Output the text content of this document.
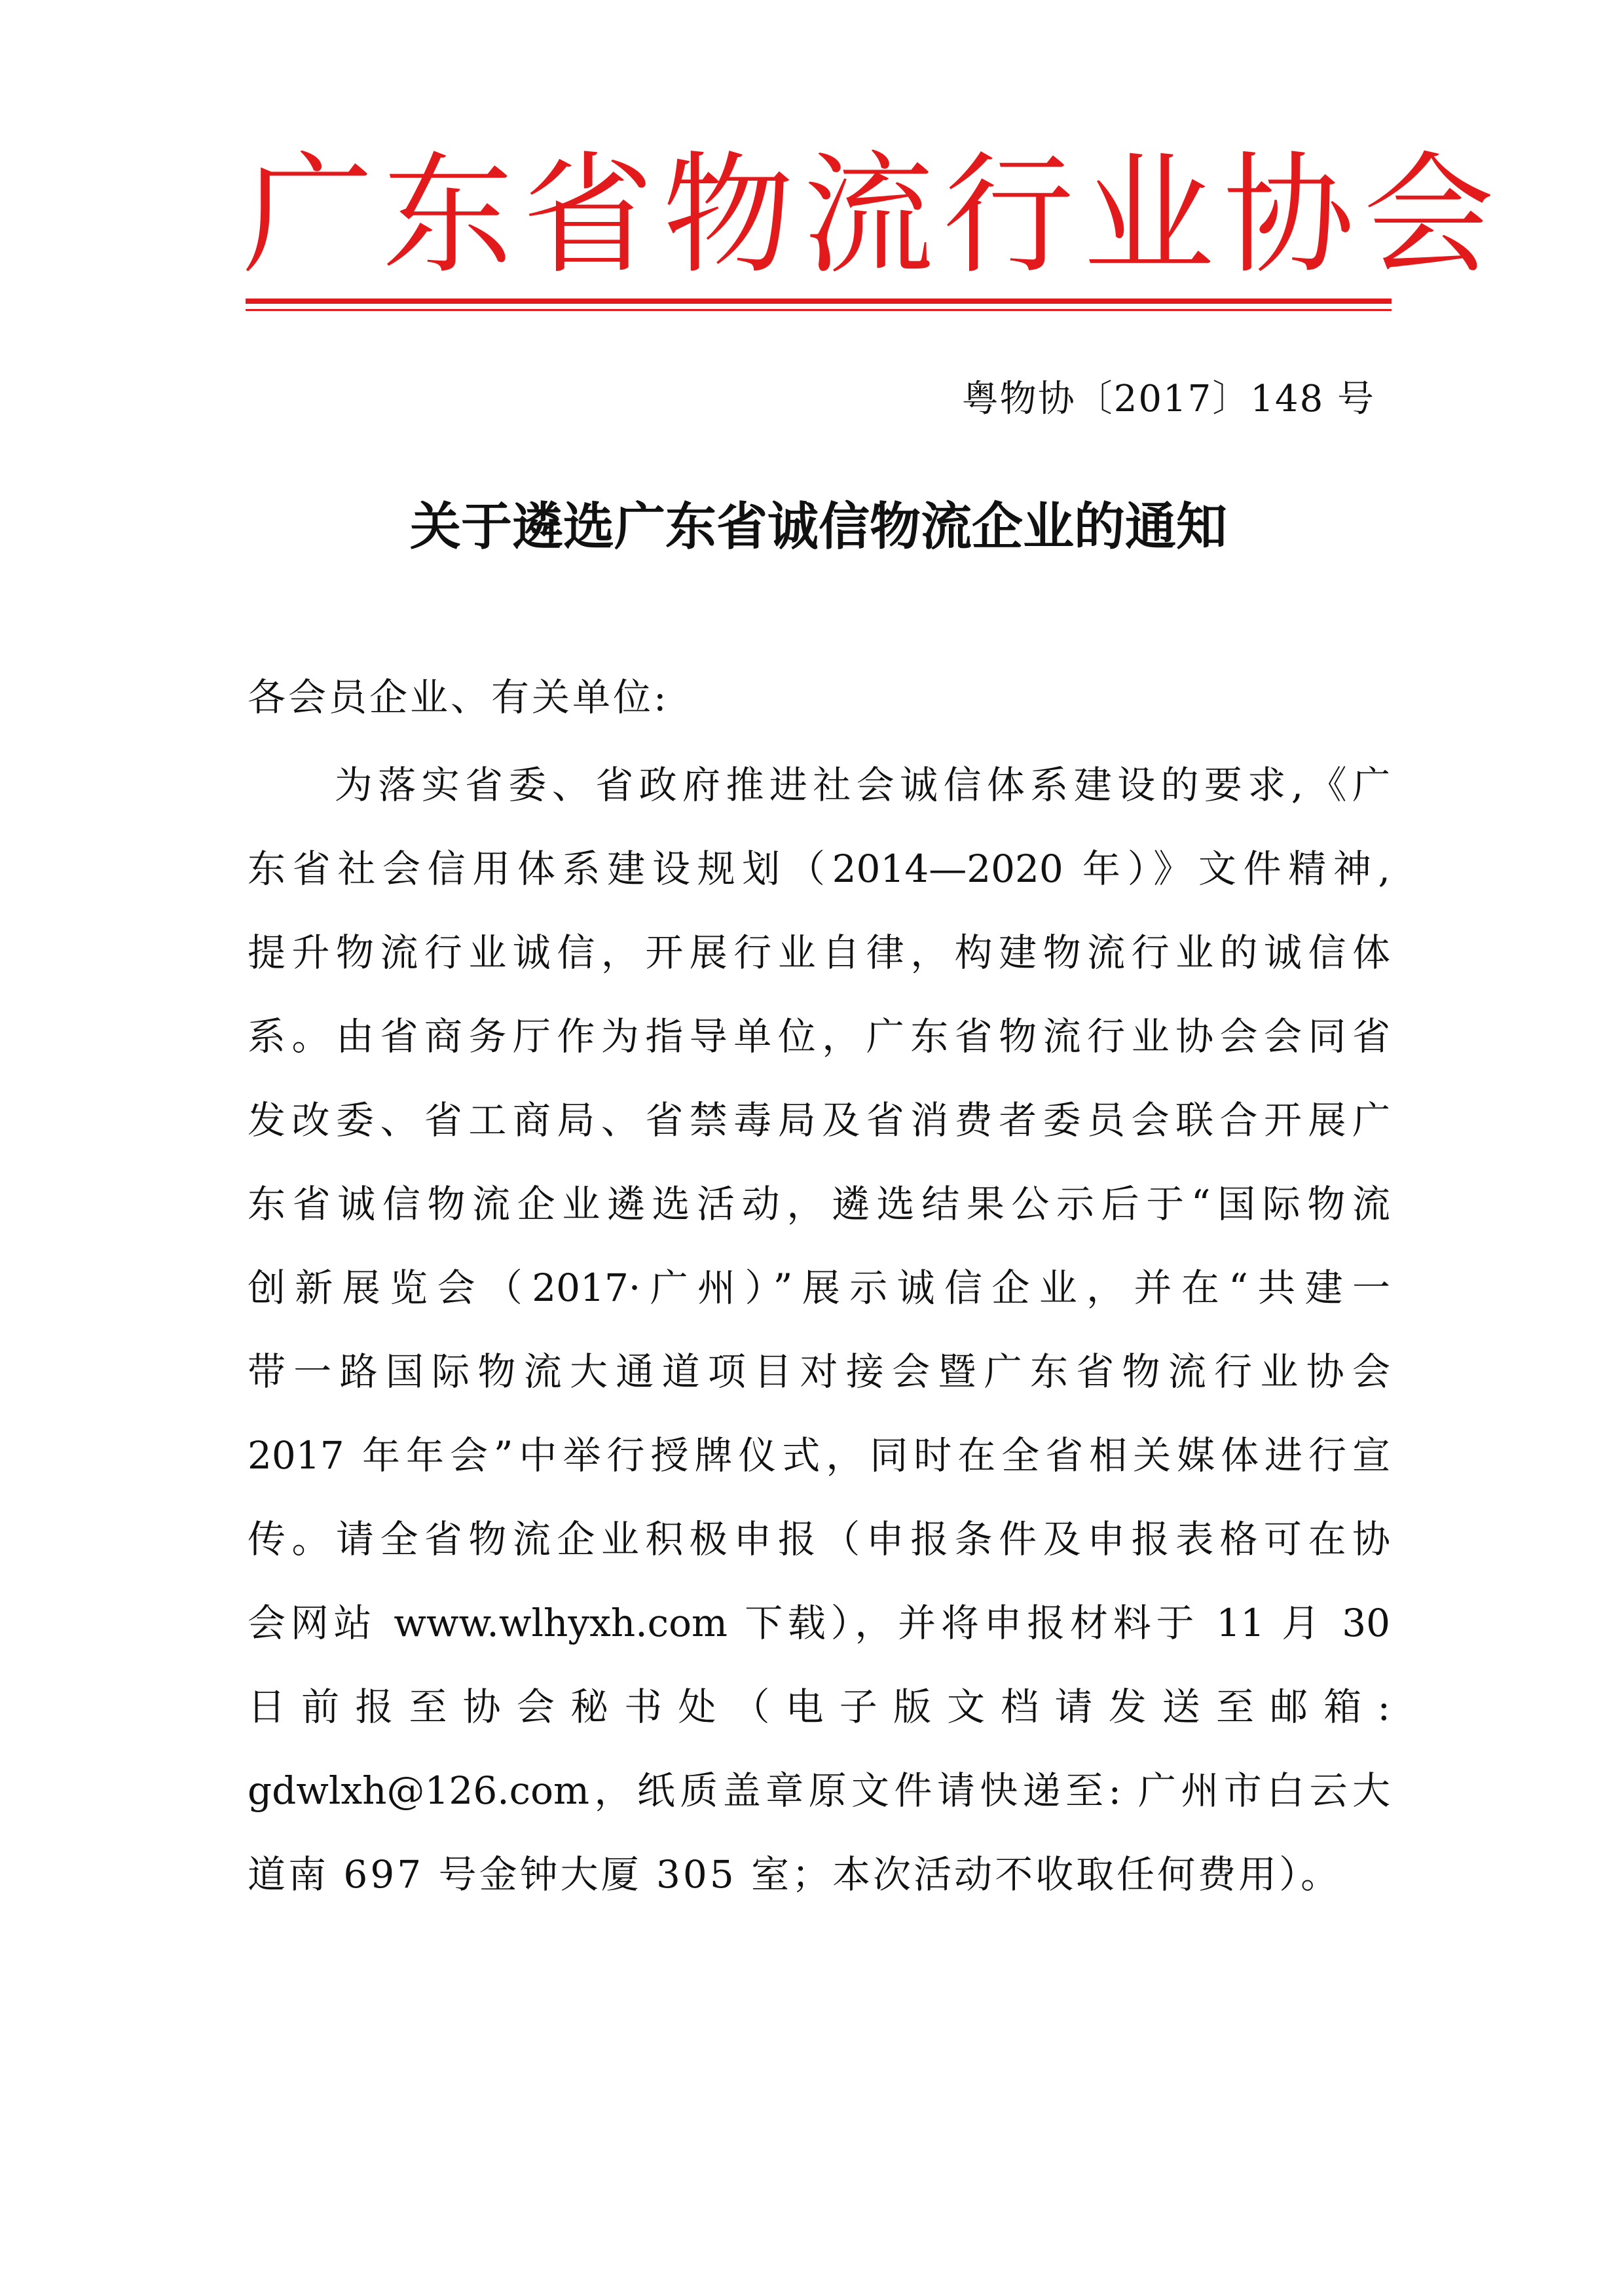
广东省物流行业协会
粤物协〔2017〕148 号
关于遴选广东省诚信物流企业的通知
各会员企业、有关单位:
　　为落实省委、省政府推进社会诚信体系建设的要求,《广
东省社会信用体系建设规划（2014—2020 年）》文件精神,
提升物流行业诚信，开展行业自律，构建物流行业的诚信体
系。由省商务厅作为指导单位，广东省物流行业协会会同省
发改委、省工商局、省禁毒局及省消费者委员会联合开展广
东省诚信物流企业遴选活动，遴选结果公示后于“国际物流
创新展览会（2017·广州）”展示诚信企业，并在“共建一
带一路国际物流大通道项目对接会暨广东省物流行业协会
2017 年年会”中举行授牌仪式，同时在全省相关媒体进行宣
传。请全省物流企业积极申报（申报条件及申报表格可在协
会网站 www.wlhyxh.com 下载），并将申报材料于 11 月 30
日前报至协会秘书处（电子版文档请发送至邮箱:
gdwlxh@126.com，纸质盖章原文件请快递至: 广州市白云大
道南 697 号金钟大厦 305 室；本次活动不收取任何费用）。
